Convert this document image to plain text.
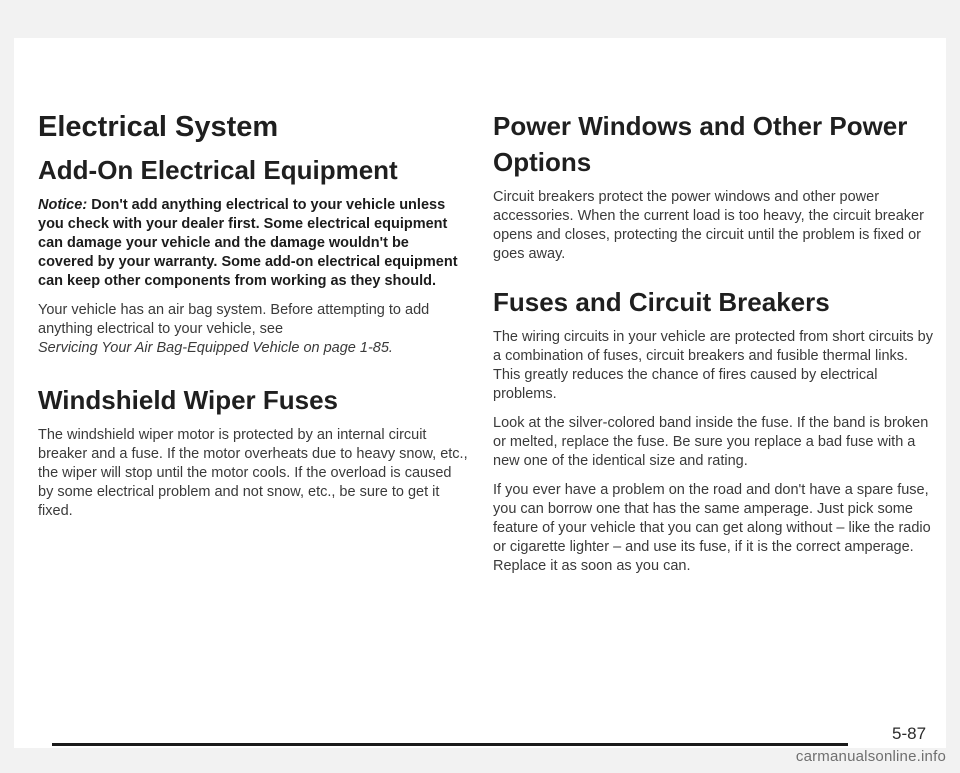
Electrical System
Add-On Electrical Equipment

Notice: Don't add anything electrical to your vehicle unless you check with your dealer first. Some electrical equipment can damage your vehicle and the damage wouldn't be covered by your warranty. Some add-on electrical equipment can keep other components from working as they should.

Your vehicle has an air bag system. Before attempting to add anything electrical to your vehicle, see
Servicing Your Air Bag-Equipped Vehicle on page 1-85.

Windshield Wiper Fuses

The windshield wiper motor is protected by an internal circuit breaker and a fuse. If the motor overheats due to heavy snow, etc., the wiper will stop until the motor cools. If the overload is caused by some electrical problem and not snow, etc., be sure to get it fixed.

Power Windows and Other Power Options

Circuit breakers protect the power windows and other power accessories. When the current load is too heavy, the circuit breaker opens and closes, protecting the circuit until the problem is fixed or goes away.

Fuses and Circuit Breakers

The wiring circuits in your vehicle are protected from short circuits by a combination of fuses, circuit breakers and fusible thermal links. This greatly reduces the chance of fires caused by electrical problems.

Look at the silver-colored band inside the fuse. If the band is broken or melted, replace the fuse. Be sure you replace a bad fuse with a new one of the identical size and rating.

If you ever have a problem on the road and don't have a spare fuse, you can borrow one that has the same amperage. Just pick some feature of your vehicle that you can get along without – like the radio or cigarette lighter – and use its fuse, if it is the correct amperage. Replace it as soon as you can.

5-87
carmanualsonline.info
